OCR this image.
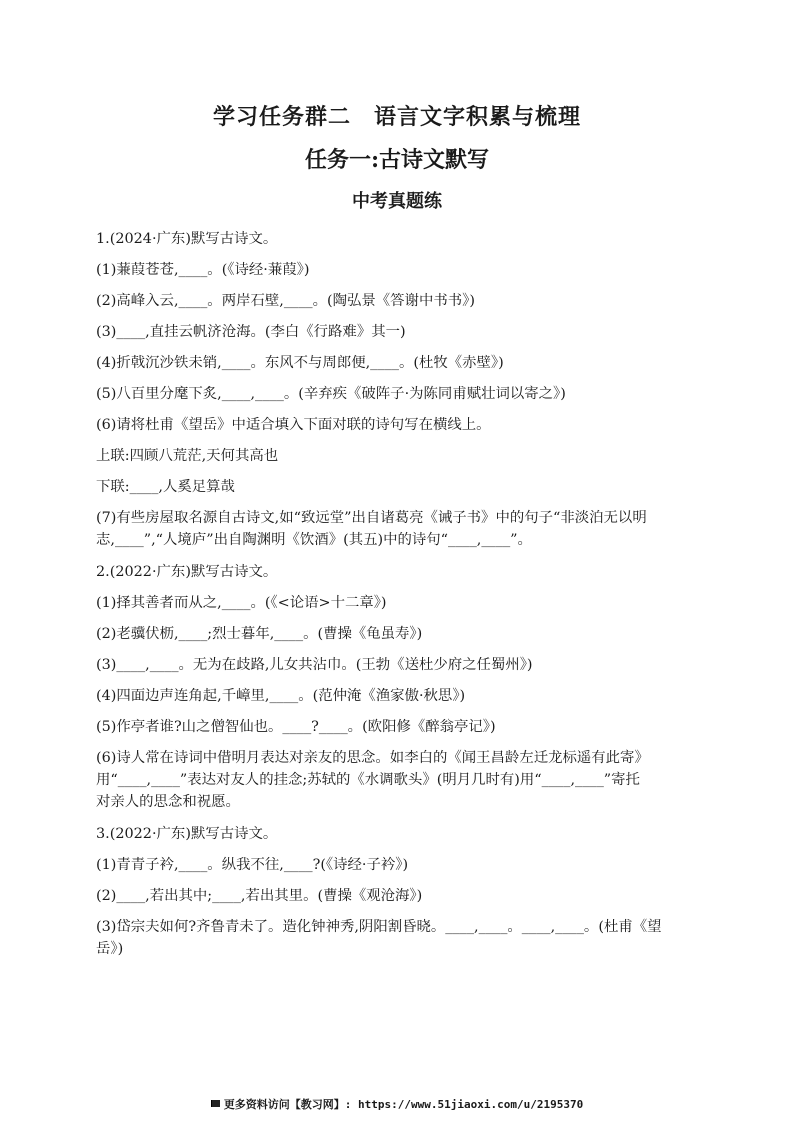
学习任务群二　语言文字积累与梳理
任务一:古诗文默写
中考真题练
1.(2024·广东)默写古诗文。
(1)蒹葭苍苍,____。(《诗经·蒹葭》)
(2)高峰入云,____。两岸石壁,____。(陶弘景《答谢中书书》)
(3)____,直挂云帆济沧海。(李白《行路难》其一)
(4)折戟沉沙铁未销,____。东风不与周郎便,____。(杜牧《赤壁》)
(5)八百里分麾下炙,____,____。(辛弃疾《破阵子·为陈同甫赋壮词以寄之》)
(6)请将杜甫《望岳》中适合填入下面对联的诗句写在横线上。
上联:四顾八荒茫,天何其高也
下联:____,人奚足算哉
(7)有些房屋取名源自古诗文,如“致远堂”出自诸葛亮《诫子书》中的句子“非淡泊无以明
志,____”,“人境庐”出自陶渊明《饮酒》(其五)中的诗句“____,____”。
2.(2022·广东)默写古诗文。
(1)择其善者而从之,____。(《<论语>十二章》)
(2)老骥伏枥,____;烈士暮年,____。(曹操《龟虽寿》)
(3)____,____。无为在歧路,儿女共沾巾。(王勃《送杜少府之任蜀州》)
(4)四面边声连角起,千嶂里,____。(范仲淹《渔家傲·秋思》)
(5)作亭者谁?山之僧智仙也。____?____。(欧阳修《醉翁亭记》)
(6)诗人常在诗词中借明月表达对亲友的思念。如李白的《闻王昌龄左迁龙标遥有此寄》
用“____,____”表达对友人的挂念;苏轼的《水调歌头》(明月几时有)用“____,____”寄托
对亲人的思念和祝愿。
3.(2022·广东)默写古诗文。
(1)青青子衿,____。纵我不往,____?(《诗经·子衿》)
(2)____,若出其中;____,若出其里。(曹操《观沧海》)
(3)岱宗夫如何?齐鲁青未了。造化钟神秀,阴阳割昏晓。____,____。____,____。(杜甫《望
岳》)
更多资料访问【教习网】: https://www.51jiaoxi.com/u/2195370
